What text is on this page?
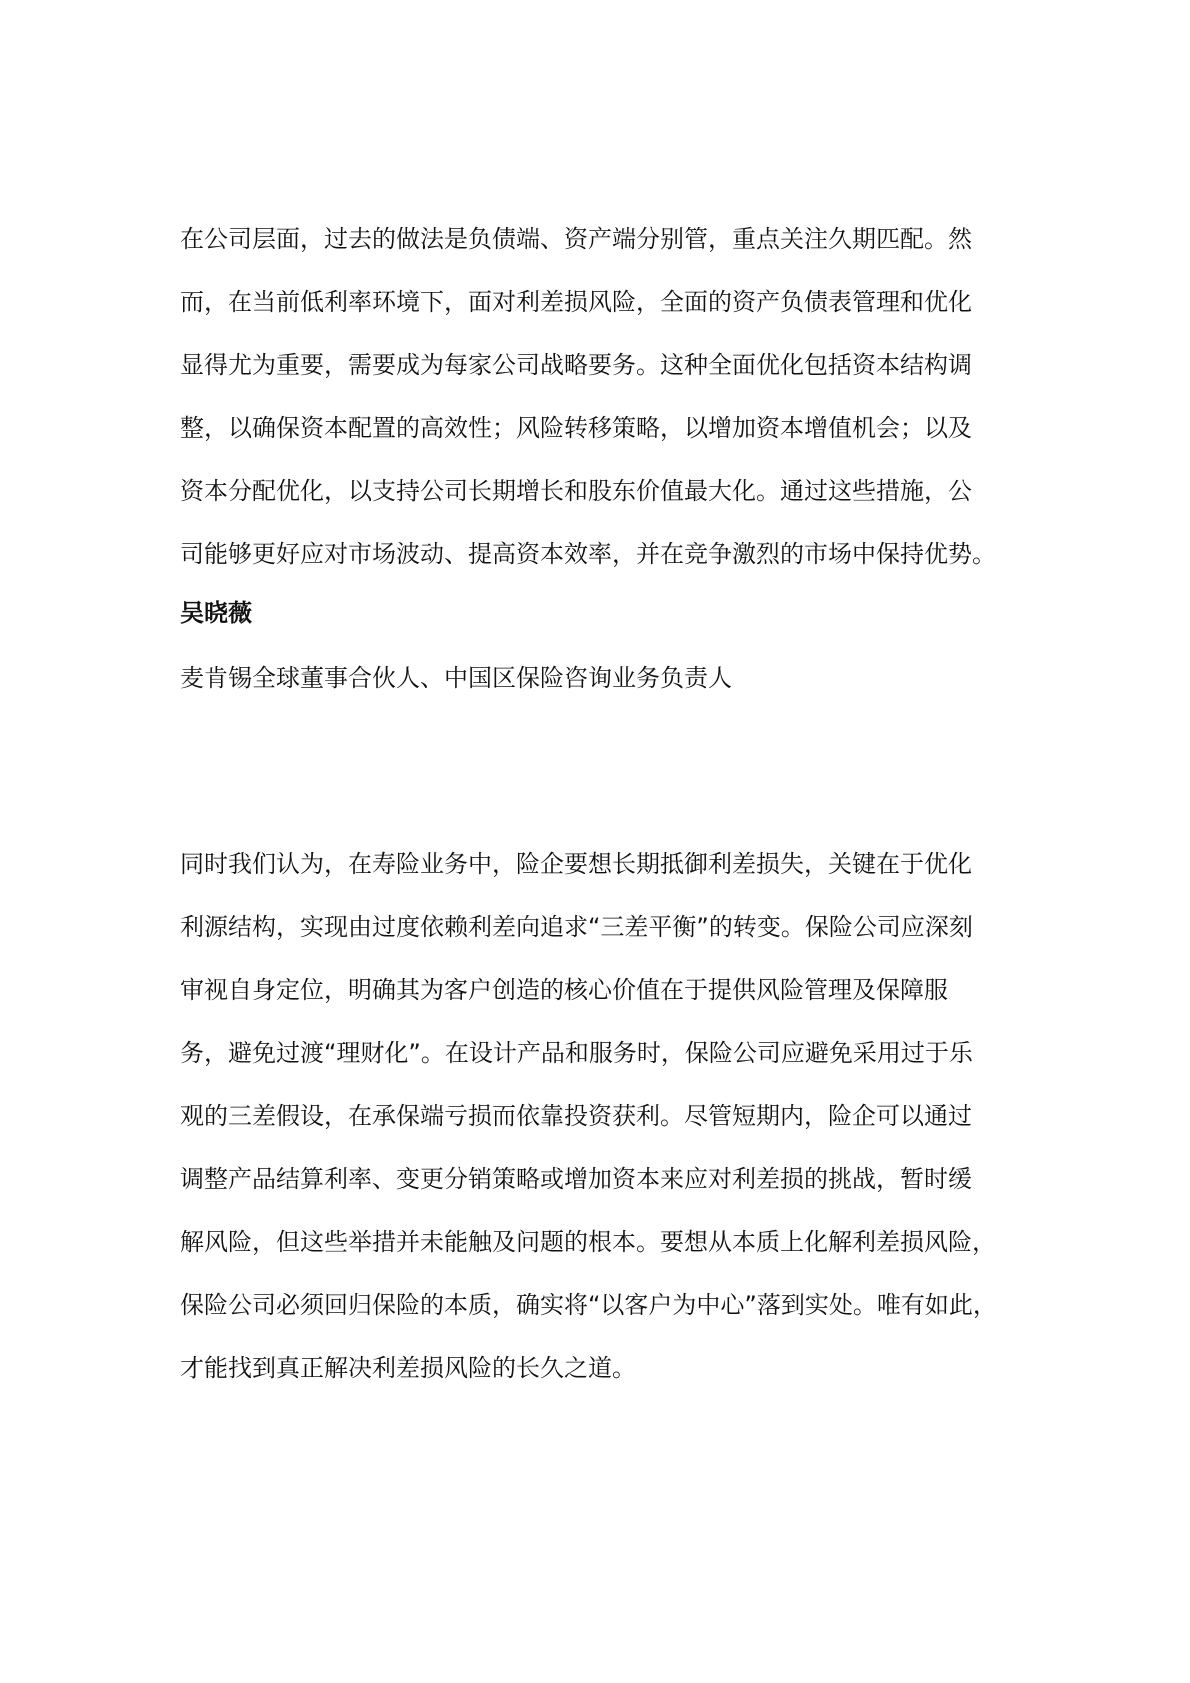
在公司层面，过去的做法是负债端、资产端分别管，重点关注久期匹配。然

而，在当前低利率环境下，面对利差损风险，全面的资产负债表管理和优化

显得尤为重要，需要成为每家公司战略要务。这种全面优化包括资本结构调

整，以确保资本配置的高效性；风险转移策略，以增加资本增值机会；以及

资本分配优化，以支持公司长期增长和股东价值最大化。通过这些措施，公

司能够更好应对市场波动、提高资本效率，并在竞争激烈的市场中保持优势。

吴晓薇
麦肯锡全球董事合伙人、中国区保险咨询业务负责人

同时我们认为，在寿险业务中，险企要想长期抵御利差损失，关键在于优化

利源结构，实现由过度依赖利差向追求“三差平衡”的转变。保险公司应深刻

审视自身定位，明确其为客户创造的核心价值在于提供风险管理及保障服

务，避免过渡“理财化”。在设计产品和服务时，保险公司应避免采用过于乐

观的三差假设，在承保端亏损而依靠投资获利。尽管短期内，险企可以通过

调整产品结算利率、变更分销策略或增加资本来应对利差损的挑战，暂时缓

解风险，但这些举措并未能触及问题的根本。要想从本质上化解利差损风险，

保险公司必须回归保险的本质，确实将“以客户为中心”落到实处。唯有如此，

才能找到真正解决利差损风险的长久之道。
